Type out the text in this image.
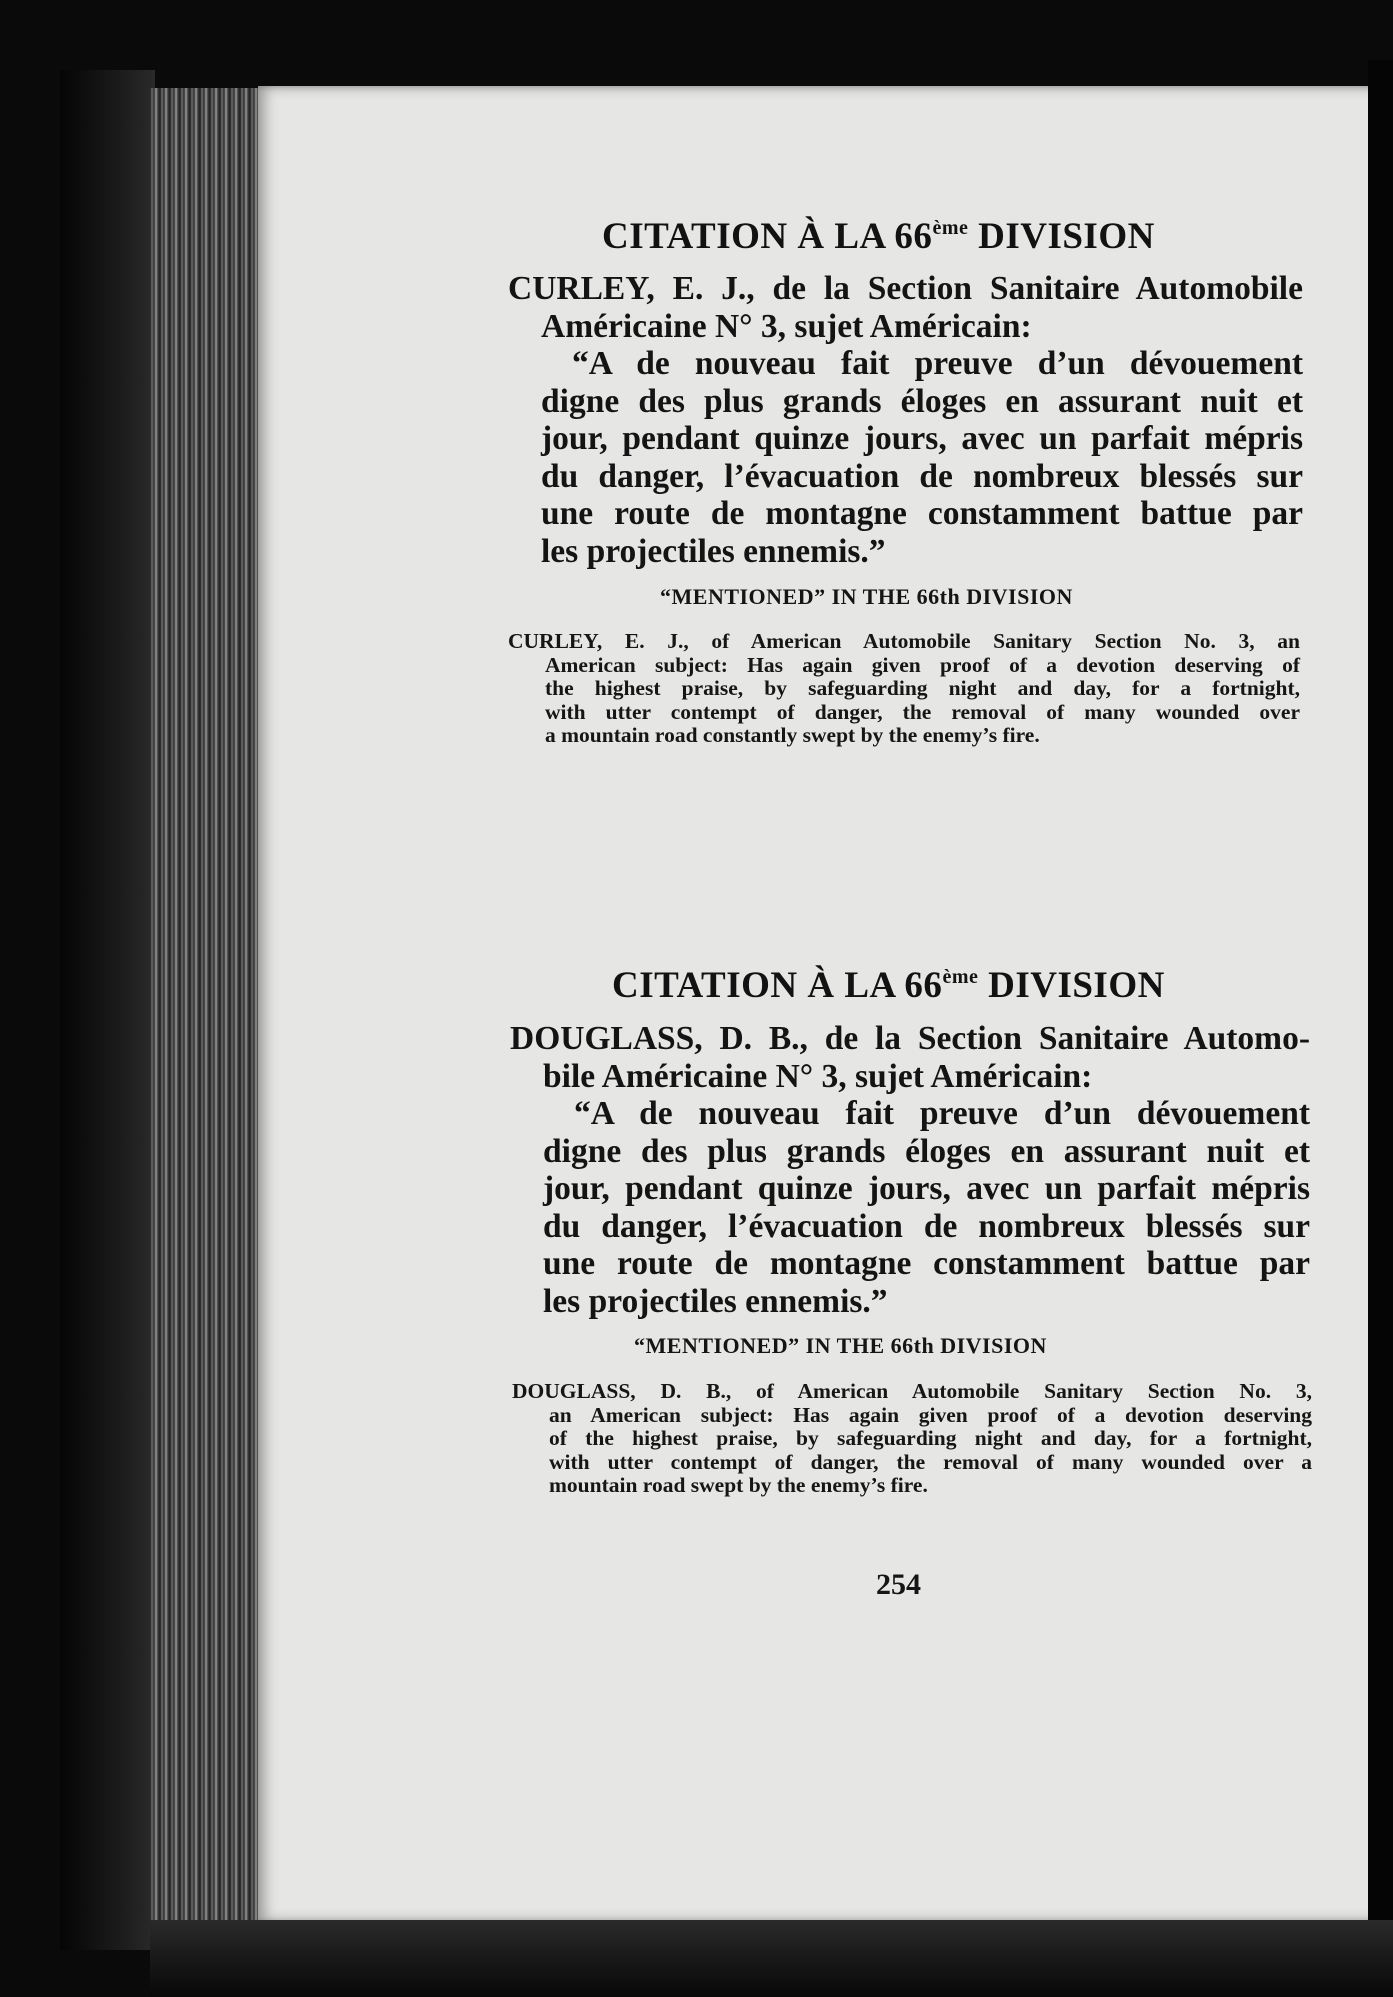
CITATION À LA 66ème DIVISION
CURLEY, E. J., de la Section Sanitaire Automobile
Américaine N° 3, sujet Américain:
“A de nouveau fait preuve d’un dévouement
digne des plus grands éloges en assurant nuit et
jour, pendant quinze jours, avec un parfait mépris
du danger, l’évacuation de nombreux blessés sur
une route de montagne constamment battue par
les projectiles ennemis.”
“MENTIONED” IN THE 66th DIVISION
CURLEY, E. J., of American Automobile Sanitary Section No. 3, an
American subject: Has again given proof of a devotion deserving of
the highest praise, by safeguarding night and day, for a fortnight,
with utter contempt of danger, the removal of many wounded over
a mountain road constantly swept by the enemy’s fire.
CITATION À LA 66ème DIVISION
DOUGLASS, D. B., de la Section Sanitaire Automo-
bile Américaine N° 3, sujet Américain:
“A de nouveau fait preuve d’un dévouement
digne des plus grands éloges en assurant nuit et
jour, pendant quinze jours, avec un parfait mépris
du danger, l’évacuation de nombreux blessés sur
une route de montagne constamment battue par
les projectiles ennemis.”
“MENTIONED” IN THE 66th DIVISION
DOUGLASS, D. B., of American Automobile Sanitary Section No. 3,
an American subject: Has again given proof of a devotion deserving
of the highest praise, by safeguarding night and day, for a fortnight,
with utter contempt of danger, the removal of many wounded over a
mountain road swept by the enemy’s fire.
254
